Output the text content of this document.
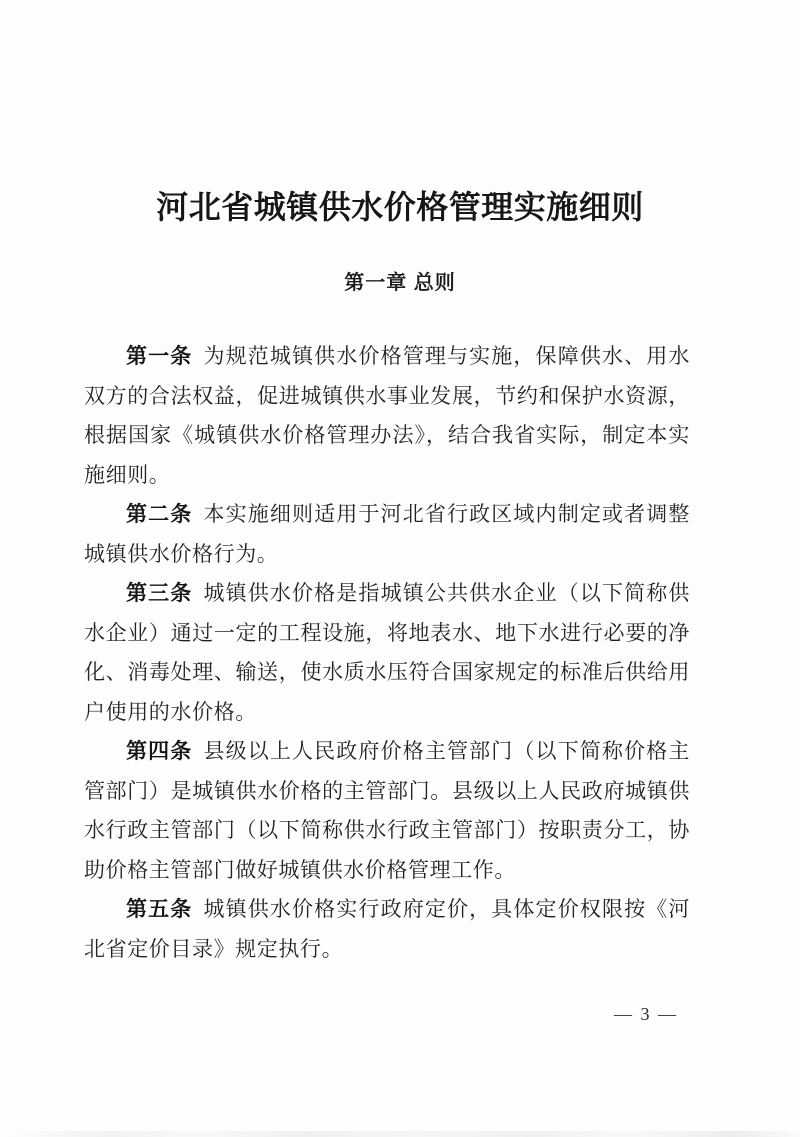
河北省城镇供水价格管理实施细则
第一章 总则

第一条 为规范城镇供水价格管理与实施，保障供水、用水双方的合法权益，促进城镇供水事业发展，节约和保护水资源，根据国家《城镇供水价格管理办法》，结合我省实际，制定本实施细则。

第二条 本实施细则适用于河北省行政区域内制定或者调整城镇供水价格行为。

第三条 城镇供水价格是指城镇公共供水企业（以下简称供水企业）通过一定的工程设施，将地表水、地下水进行必要的净化、消毒处理、输送，使水质水压符合国家规定的标准后供给用户使用的水价格。

第四条 县级以上人民政府价格主管部门（以下简称价格主管部门）是城镇供水价格的主管部门。县级以上人民政府城镇供水行政主管部门（以下简称供水行政主管部门）按职责分工，协助价格主管部门做好城镇供水价格管理工作。

第五条 城镇供水价格实行政府定价，具体定价权限按《河北省定价目录》规定执行。

— 3 —
